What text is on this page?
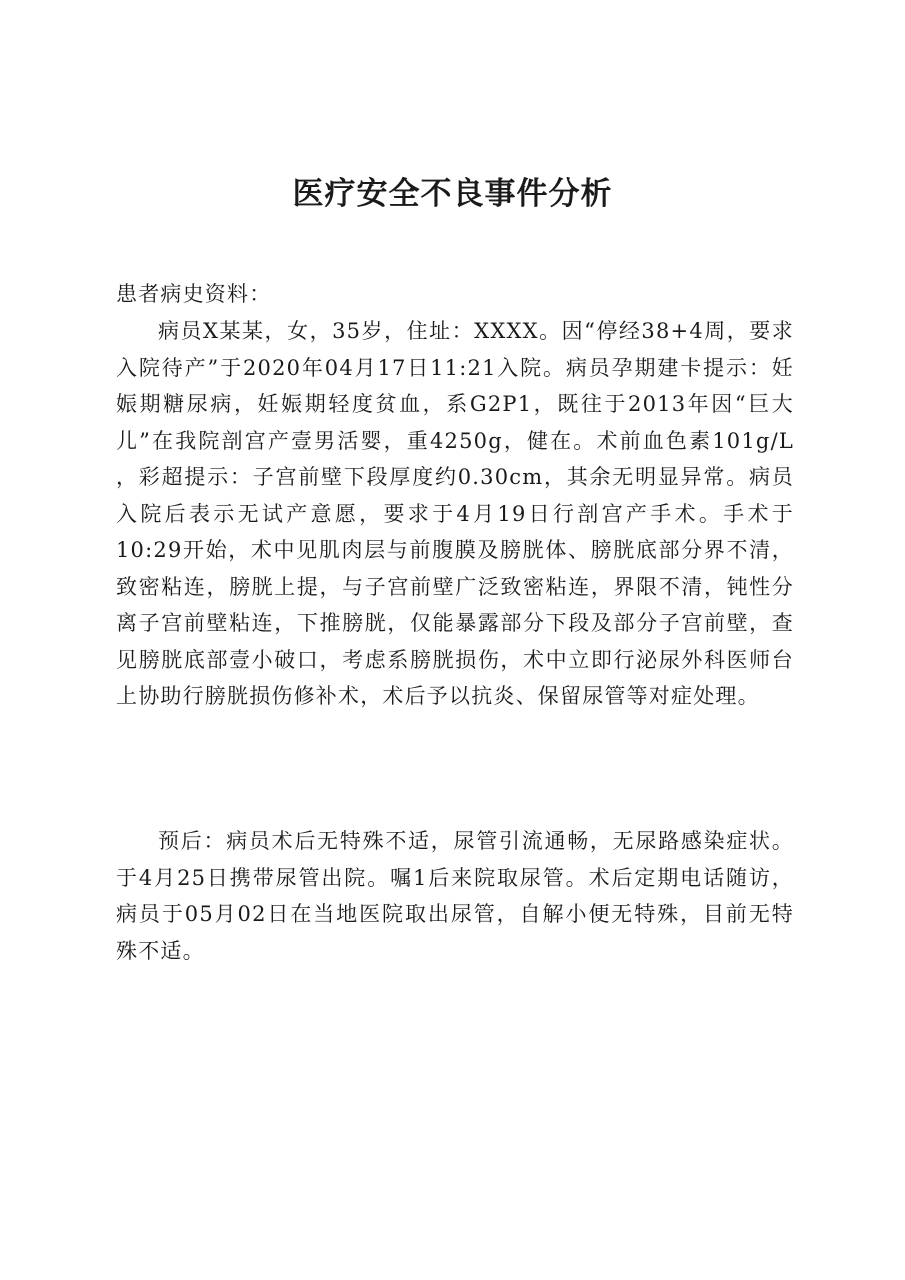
医疗安全不良事件分析

患者病史资料：

病员X某某，女，35岁，住址：XXXX。因“停经38+4周，要求入院待产”于2020年04月17日11:21入院。病员孕期建卡提示：妊娠期糖尿病，妊娠期轻度贫血，系G2P1，既往于2013年因“巨大儿”在我院剖宫产壹男活婴，重4250g，健在。术前血色素101g/L ，彩超提示：子宫前壁下段厚度约0.30cm，其余无明显异常。病员入院后表示无试产意愿，要求于4月19日行剖宫产手术。手术于10:29开始，术中见肌肉层与前腹膜及膀胱体、膀胱底部分界不清，致密粘连，膀胱上提，与子宫前壁广泛致密粘连，界限不清，钝性分离子宫前壁粘连，下推膀胱，仅能暴露部分下段及部分子宫前壁，查见膀胱底部壹小破口，考虑系膀胱损伤，术中立即行泌尿外科医师台上协助行膀胱损伤修补术，术后予以抗炎、保留尿管等对症处理。

预后：病员术后无特殊不适，尿管引流通畅，无尿路感染症状。于4月25日携带尿管出院。嘱1后来院取尿管。术后定期电话随访，病员于05月02日在当地医院取出尿管，自解小便无特殊，目前无特殊不适。
